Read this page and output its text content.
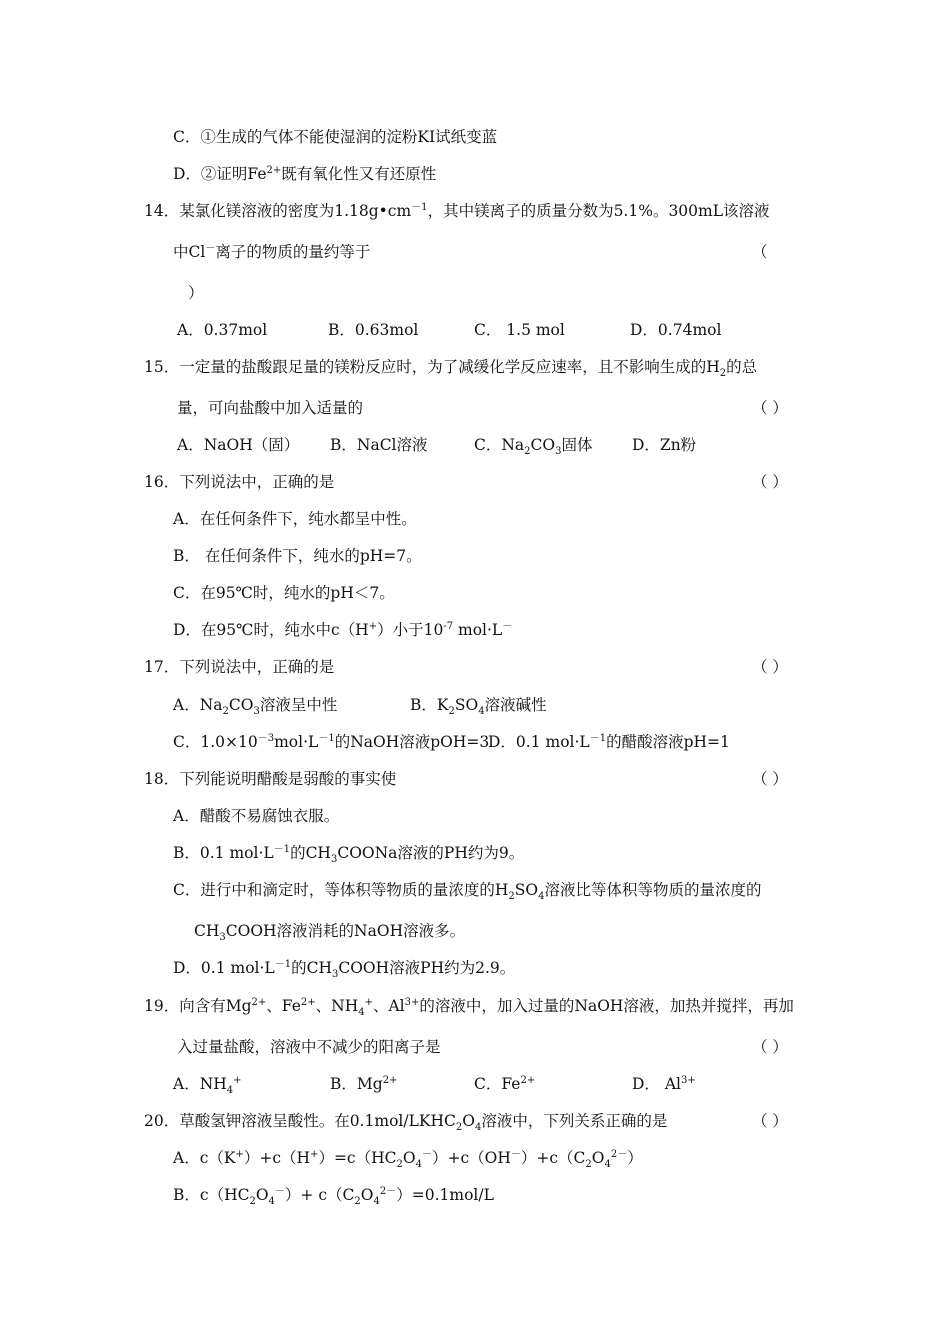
C．①生成的气体不能使湿润的淀粉KI试纸变蓝
D．②证明$Fe^{2+}$既有氧化性又有还原性
14．某氯化镁溶液的密度为$1.18g•cm^{-1}$，其中镁离子的质量分数为5.1%。300mL该溶液
中Cl－离子的物质的量约等于	（
）
A．0.37mol	B．0.63mol	C． 1.5 mol	D．0.74mol
15．一定量的盐酸跟足量的镁粉反应时，为了减缓化学反应速率，且不影响生成的$H_2$的总
量，可向盐酸中加入适量的	（ ）
A．NaOH（固） B．NaCl溶液	C．$Na_2CO_3$固体	D．Zn粉
16．下列说法中，正确的是	（ ）
A．在任何条件下，纯水都呈中性。
B． 在任何条件下，纯水的pH=7。
C．在95℃时，纯水的pH＜7。
D．在95℃时，纯水中c（H+）小于$10^{-7}$ mol·L－
17．下列说法中，正确的是	（ ）
A．$Na_2CO_3$溶液呈中性	B．$K_2SO_4$溶液碱性
C．$1.0\times 10^{-3}mol\cdot L^{-1}$的NaOH溶液pOH=3
D．0.1 $mol\cdot L^{-1}$的醋酸溶液pH=1
18．下列能说明醋酸是弱酸的事实使	（ ）
A．醋酸不易腐蚀衣服。
B．0.1 $mol\cdot L^{-1}$的$CH_3COONa$溶液的PH约为9。
C．进行中和滴定时，等体积等物质的量浓度的$H_2SO_4$溶液比等体积等物质的量浓度的
$CH_3COOH$溶液消耗的NaOH溶液多。
D．0.1 $mol\cdot L^{-1}$的$CH_3COOH$溶液PH约为2.9。
19．向含有$Mg^{2+}$、$Fe^{2+}$、$NH_4^+$、$Al^{3+}$的溶液中，加入过量的NaOH溶液，加热并搅拌，再加
入过量盐酸，溶液中不减少的阳离子是	（ ）
A．$NH_4^+$	B．$Mg^{2+}$	C．$Fe^{2+}$	D． $Al^{3+}$
20．草酸氢钾溶液呈酸性。在$0.1mol/LKHC_2O_4$溶液中，下列关系正确的是	（ ）
A．$c(K^+)+c(H^+)=c(HC_2O_4^-)+c(OH^-)+c(C_2O_4^{2-})$
B．$c(HC_2O_4^-)+ c(C_2O_4^{2-})=0.1mol/L$
